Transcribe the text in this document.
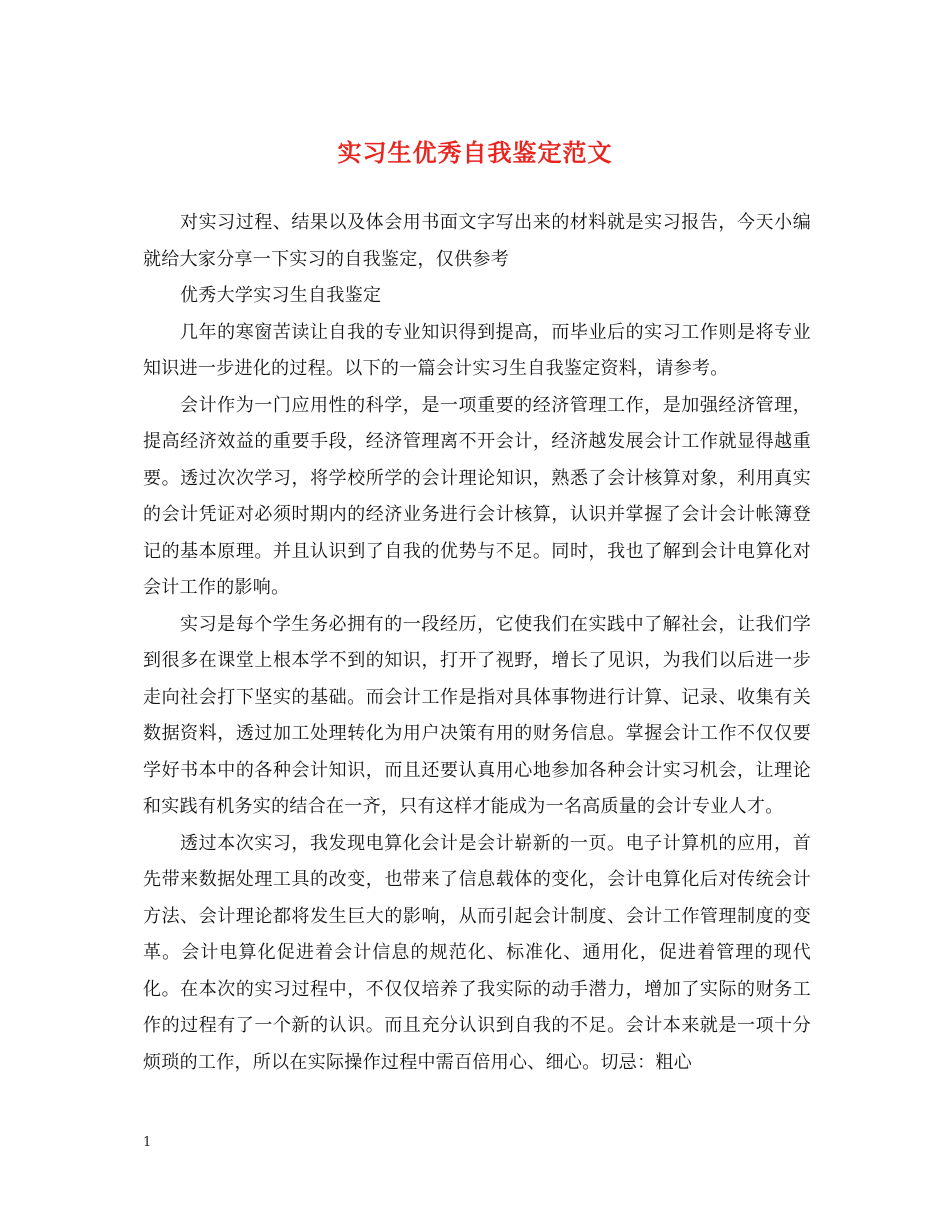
实习生优秀自我鉴定范文

对实习过程、结果以及体会用书面文字写出来的材料就是实习报告，今天小编就给大家分享一下实习的自我鉴定，仅供参考

优秀大学实习生自我鉴定

几年的寒窗苦读让自我的专业知识得到提高，而毕业后的实习工作则是将专业知识进一步进化的过程。以下的一篇会计实习生自我鉴定资料，请参考。

会计作为一门应用性的科学，是一项重要的经济管理工作，是加强经济管理，提高经济效益的重要手段，经济管理离不开会计，经济越发展会计工作就显得越重要。透过次次学习，将学校所学的会计理论知识，熟悉了会计核算对象，利用真实的会计凭证对必须时期内的经济业务进行会计核算，认识并掌握了会计会计帐簿登记的基本原理。并且认识到了自我的优势与不足。同时，我也了解到会计电算化对会计工作的影响。

实习是每个学生务必拥有的一段经历，它使我们在实践中了解社会，让我们学到很多在课堂上根本学不到的知识，打开了视野，增长了见识，为我们以后进一步走向社会打下坚实的基础。而会计工作是指对具体事物进行计算、记录、收集有关数据资料，透过加工处理转化为用户决策有用的财务信息。掌握会计工作不仅仅要学好书本中的各种会计知识，而且还要认真用心地参加各种会计实习机会，让理论和实践有机务实的结合在一齐，只有这样才能成为一名高质量的会计专业人才。

透过本次实习，我发现电算化会计是会计崭新的一页。电子计算机的应用，首先带来数据处理工具的改变，也带来了信息载体的变化，会计电算化后对传统会计方法、会计理论都将发生巨大的影响，从而引起会计制度、会计工作管理制度的变革。会计电算化促进着会计信息的规范化、标准化、通用化，促进着管理的现代化。在本次的实习过程中，不仅仅培养了我实际的动手潜力，增加了实际的财务工作的过程有了一个新的认识。而且充分认识到自我的不足。会计本来就是一项十分烦琐的工作，所以在实际操作过程中需百倍用心、细心。切忌：粗心

1
